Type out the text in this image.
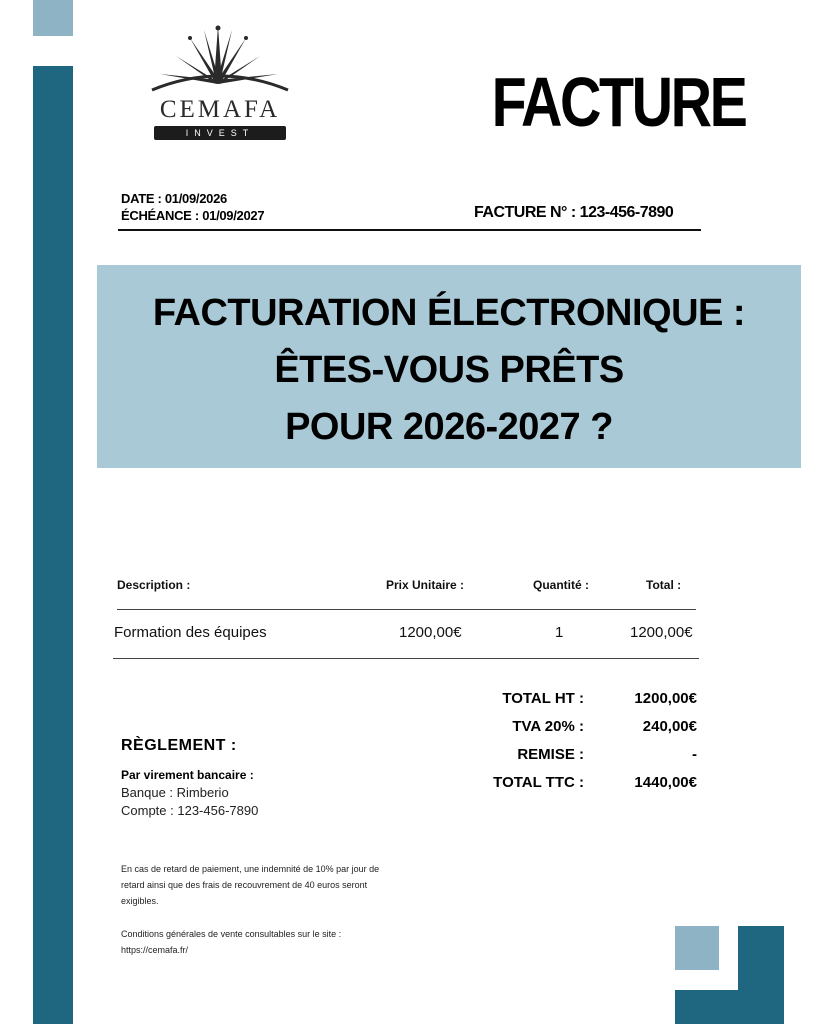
CEMAFA
INVEST	FACTURE
DATE : 01/09/2026
ÉCHÉANCE : 01/09/2027	FACTURE N° : 123-456-7890
FACTURATION ÉLECTRONIQUE :
ÊTES-VOUS PRÊTS
POUR 2026-2027 ?
Description :	Prix Unitaire :	Quantité :	Total :
Formation des équipes	1200,00€	1	1200,00€
TOTAL HT :	1200,00€
TVA 20% :	240,00€
REMISE :	-
TOTAL TTC :	1440,00€
RÈGLEMENT :
Par virement bancaire :
Banque : Rimberio
Compte : 123-456-7890
En cas de retard de paiement, une indemnité de 10% par jour de retard ainsi que des frais de recouvrement de 40 euros seront exigibles.
Conditions générales de vente consultables sur le site : https://cemafa.fr/
